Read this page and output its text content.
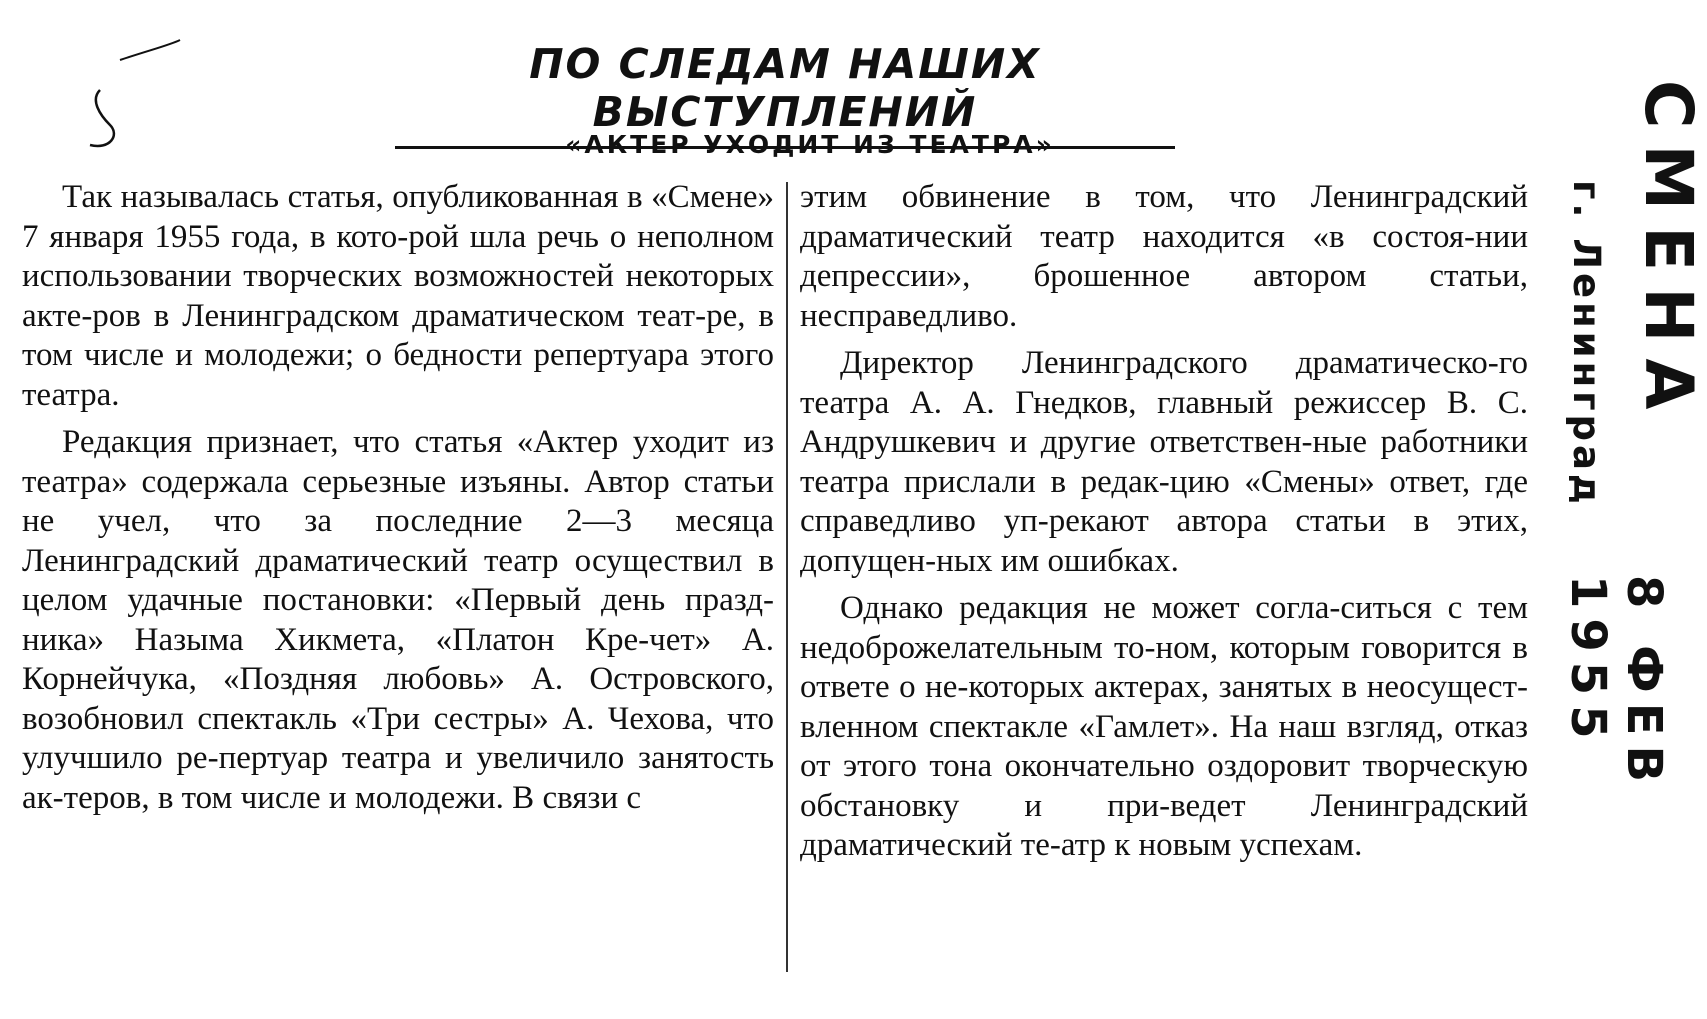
ПО СЛЕДАМ НАШИХ ВЫСТУПЛЕНИЙ
«АКТЕР УХОДИТ ИЗ ТЕАТРА»

Так называлась статья, опубликованная в «Смене» 7 января 1955 года, в кото-рой шла речь о неполном использовании творческих возможностей некоторых акте-ров в Ленинградском драматическом теат-ре, в том числе и молодежи; о бедности репертуара этого театра.

Редакция признает, что статья «Актер уходит из театра» содержала серьезные изъяны. Автор статьи не учел, что за последние 2—3 месяца Ленинградский драматический театр осуществил в целом удачные постановки: «Первый день празд-ника» Назыма Хикмета, «Платон Кре-чет» А. Корнейчука, «Поздняя любовь» А. Островского, возобновил спектакль «Три сестры» А. Чехова, что улучшило ре-пертуар театра и увеличило занятость ак-теров, в том числе и молодежи. В связи с

этим обвинение в том, что Ленинградский драматический театр находится «в состоя-нии депрессии», брошенное автором статьи, несправедливо.

Директор Ленинградского драматическо-го театра А. А. Гнедков, главный режиссер В. С. Андрушкевич и другие ответствен-ные работники театра прислали в редак-цию «Смены» ответ, где справедливо уп-рекают автора статьи в этих, допущен-ных им ошибках.

Однако редакция не может согла-ситься с тем недоброжелательным то-ном, которым говорится в ответе о не-которых актерах, занятых в неосущест-вленном спектакле «Гамлет». На наш взгляд, отказ от этого тона окончательно оздоровит творческую обстановку и при-ведет Ленинградский драматический те-атр к новым успехам.

СМЕНА
г. Ленинград
8 ФЕВ 1955
